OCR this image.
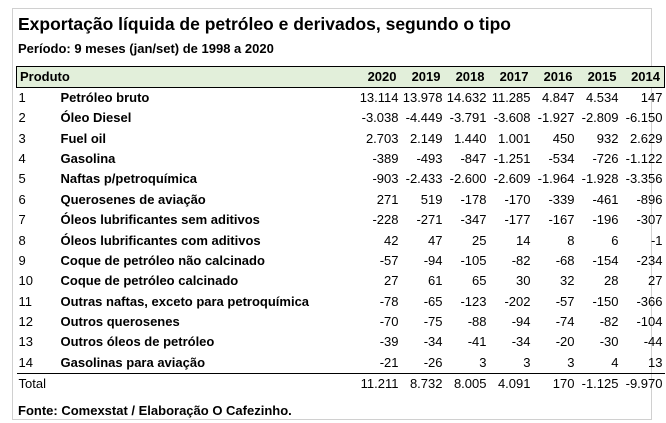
Exportação líquida de petróleo e derivados, segundo o tipo
Período: 9 meses (jan/set) de 1998 a 2020
Produto		2020	2019	2018	2017	2016	2015	2014
1	Petróleo bruto	13.114	13.978	14.632	11.285	4.847	4.534	147
2	Óleo Diesel	-3.038	-4.449	-3.791	-3.608	-1.927	-2.809	-6.150
3	Fuel oil	2.703	2.149	1.440	1.001	450	932	2.629
4	Gasolina	-389	-493	-847	-1.251	-534	-726	-1.122
5	Naftas p/petroquímica	-903	-2.433	-2.600	-2.609	-1.964	-1.928	-3.356
6	Querosenes de aviação	271	519	-178	-170	-339	-461	-896
7	Óleos lubrificantes sem aditivos	-228	-271	-347	-177	-167	-196	-307
8	Óleos lubrificantes com aditivos	42	47	25	14	8	6	-1
9	Coque de petróleo não calcinado	-57	-94	-105	-82	-68	-154	-234
10	Coque de petróleo calcinado	27	61	65	30	32	28	27
11	Outras naftas, exceto para petroquímica	-78	-65	-123	-202	-57	-150	-366
12	Outros querosenes	-70	-75	-88	-94	-74	-82	-104
13	Outros óleos de petróleo	-39	-34	-41	-34	-20	-30	-44
14	Gasolinas para aviação	-21	-26	3	3	3	4	13
Total		11.211	8.732	8.005	4.091	170	-1.125	-9.970
Fonte: Comexstat / Elaboração O Cafezinho.
